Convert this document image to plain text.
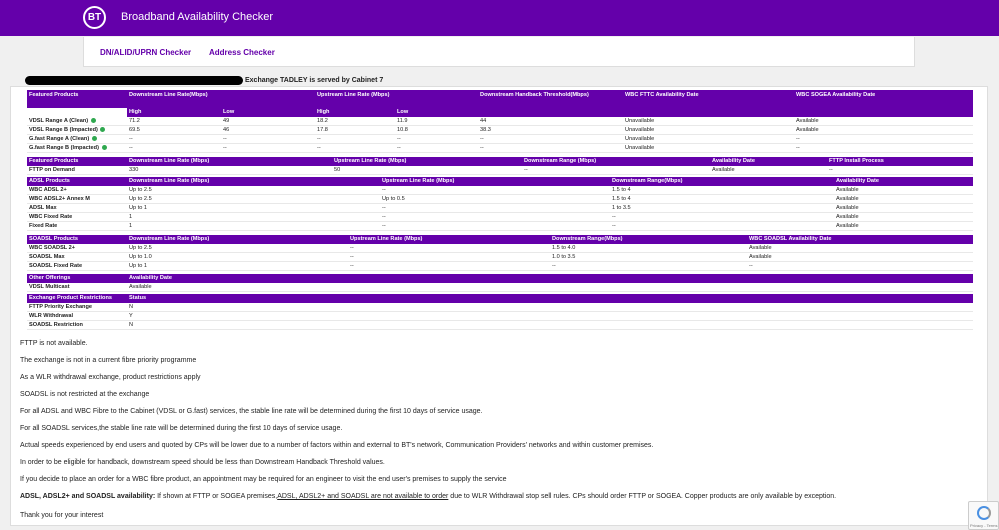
BT	Broadband Availability Checker
DN/ALID/UPRN Checker Address Checker
Exchange TADLEY is served by Cabinet 7
Featured Products	Downstream Line Rate(Mbps)		Upstream Line Rate (Mbps)		Downstream Handback Threshold(Mbps)	WBC FTTC Availability Date	WBC SOGEA Availability Date
	High	Low	High	Low			
VDSL Range A (Clean)	71.2	49	18.2	11.9	44	Unavailable	Available
VDSL Range B (Impacted)	69.5	46	17.8	10.8	38.3	Unavailable	Available
G.fast Range A (Clean)	--	--	--	--	--	Unavailable	--
G.fast Range B (Impacted)	--	--	--	--	--	Unavailable	--
Featured Products	Downstream Line Rate (Mbps)	Upstream Line Rate (Mbps)	Downstream Range (Mbps)	Availability Date	FTTP Install Process
FTTP on Demand	330	50	--	Available	--
ADSL Products	Downstream Line Rate (Mbps)	Upstream Line Rate (Mbps)	Downstream Range(Mbps)	Availability Date
WBC ADSL 2+	Up to 2.5	--	1.5 to 4	Available
WBC ADSL2+ Annex M	Up to 2.5	Up to 0.5	1.5 to 4	Available
ADSL Max	Up to 1	--	1 to 3.5	Available
WBC Fixed Rate	1	--	--	Available
Fixed Rate	1	--	--	Available
SOADSL Products	Downstream Line Rate (Mbps)	Upstream Line Rate (Mbps)	Downstream Range(Mbps)	WBC SOADSL Availability Date
WBC SOADSL 2+	Up to 2.5	--	1.5 to 4.0	Available
SOADSL Max	Up to 1.0	--	1.0 to 3.5	Available
SOADSL Fixed Rate	Up to 1	--	--	--
Other Offerings	Availability Date
VDSL Multicast	Available
Exchange Product Restrictions	Status
FTTP Priority Exchange	N
WLR Withdrawal	Y
SOADSL Restriction	N
FTTP is not available.
The exchange is not in a current fibre priority programme
As a WLR withdrawal exchange, product restrictions apply
SOADSL is not restricted at the exchange
For all ADSL and WBC Fibre to the Cabinet (VDSL or G.fast) services, the stable line rate will be determined during the first 10 days of service usage.
For all SOADSL services,the stable line rate will be determined during the first 10 days of service usage.
Actual speeds experienced by end users and quoted by CPs will be lower due to a number of factors within and external to BT's network, Communication Providers' networks and within customer premises.
In order to be eligible for handback, downstream speed should be less than Downstream Handback Threshold values.
If you decide to place an order for a WBC fibre product, an appointment may be required for an engineer to visit the end user's premises to supply the service
ADSL, ADSL2+ and SOADSL availability: If shown at FTTP or SOGEA premises,ADSL, ADSL2+ and SOADSL are not available to order due to WLR Withdrawal stop sell rules. CPs should order FTTP or SOGEA. Copper products are only available by exception.
Thank you for your interest
Privacy - Terms
